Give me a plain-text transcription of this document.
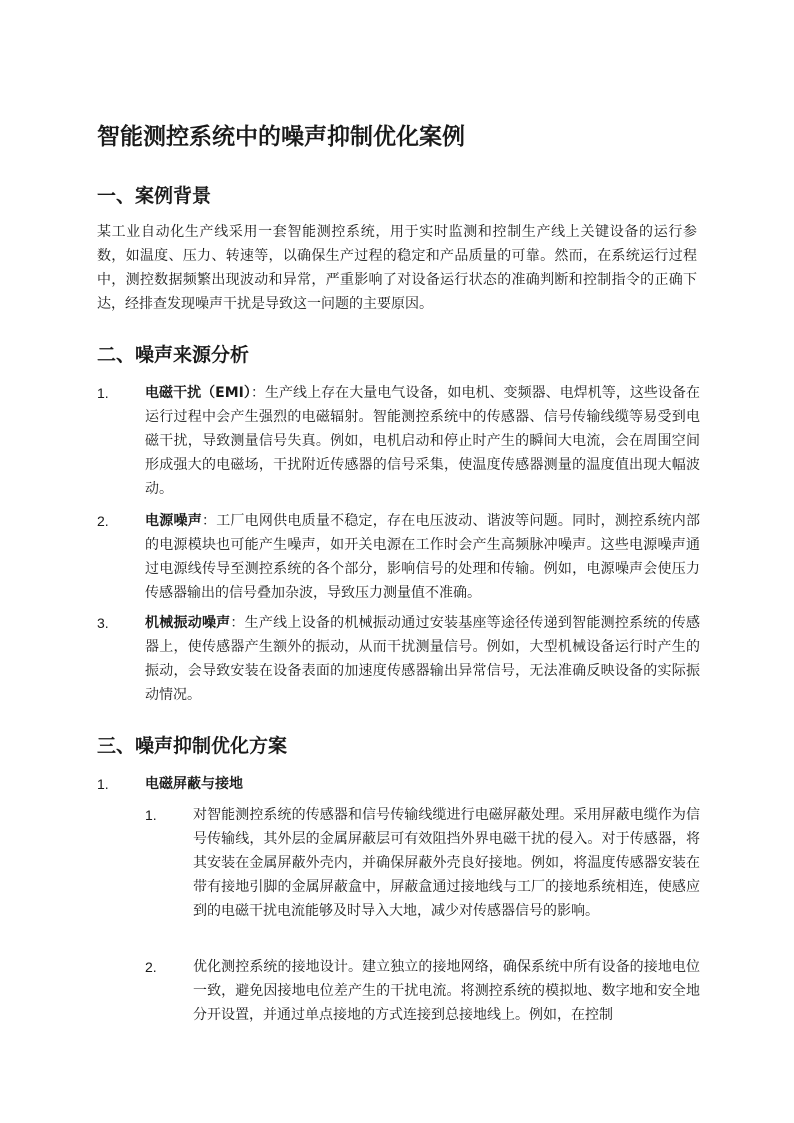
智能测控系统中的噪声抑制优化案例
一、案例背景

某工业自动化生产线采用一套智能测控系统，用于实时监测和控制生产线上关键设备的运行参数，如温度、压力、转速等，以确保生产过程的稳定和产品质量的可靠。然而，在系统运行过程中，测控数据频繁出现波动和异常，严重影响了对设备运行状态的准确判断和控制指令的正确下达，经排查发现噪声干扰是导致这一问题的主要原因。

二、噪声来源分析
1.	电磁干扰（EMI）：生产线上存在大量电气设备，如电机、变频器、电焊机等，这些设备在运行过程中会产生强烈的电磁辐射。智能测控系统中的传感器、信号传输线缆等易受到电磁干扰，导致测量信号失真。例如，电机启动和停止时产生的瞬间大电流，会在周围空间形成强大的电磁场，干扰附近传感器的信号采集，使温度传感器测量的温度值出现大幅波动。

2.	电源噪声：工厂电网供电质量不稳定，存在电压波动、谐波等问题。同时，测控系统内部的电源模块也可能产生噪声，如开关电源在工作时会产生高频脉冲噪声。这些电源噪声通过电源线传导至测控系统的各个部分，影响信号的处理和传输。例如，电源噪声会使压力传感器输出的信号叠加杂波，导致压力测量值不准确。

3.	机械振动噪声：生产线上设备的机械振动通过安装基座等途径传递到智能测控系统的传感器上，使传感器产生额外的振动，从而干扰测量信号。例如，大型机械设备运行时产生的振动，会导致安装在设备表面的加速度传感器输出异常信号，无法准确反映设备的实际振动情况。

三、噪声抑制优化方案
1.	电磁屏蔽与接地

1.	对智能测控系统的传感器和信号传输线缆进行电磁屏蔽处理。采用屏蔽电缆作为信号传输线，其外层的金属屏蔽层可有效阻挡外界电磁干扰的侵入。对于传感器，将其安装在金属屏蔽外壳内，并确保屏蔽外壳良好接地。例如，将温度传感器安装在带有接地引脚的金属屏蔽盒中，屏蔽盒通过接地线与工厂的接地系统相连，使感应到的电磁干扰电流能够及时导入大地，减少对传感器信号的影响。

2.	优化测控系统的接地设计。建立独立的接地网络，确保系统中所有设备的接地电位一致，避免因接地电位差产生的干扰电流。将测控系统的模拟地、数字地和安全地分开设置，并通过单点接地的方式连接到总接地线上。例如，在控制
